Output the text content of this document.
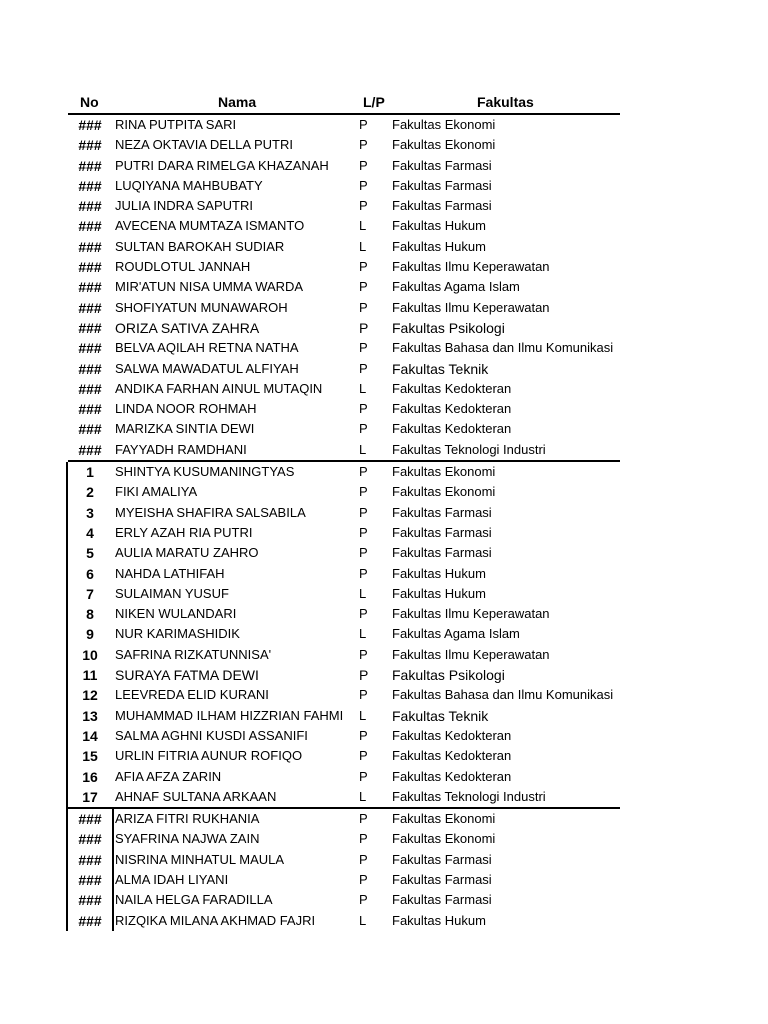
No	Nama	L/P	Fakultas
###	RINA PUTPITA SARI	P Fakultas Ekonomi
###	NEZA OKTAVIA DELLA PUTRI	P Fakultas Ekonomi
###	PUTRI DARA RIMELGA KHAZANAH P Fakultas Farmasi
###	LUQIYANA MAHBUBATY	P Fakultas Farmasi
###	JULIA INDRA SAPUTRI	P Fakultas Farmasi
###	AVECENA MUMTAZA ISMANTO	L Fakultas Hukum
###	SULTAN BAROKAH SUDIAR	L Fakultas Hukum
###	ROUDLOTUL JANNAH	P Fakultas Ilmu Keperawatan
###	MIR'ATUN NISA UMMA WARDA	P Fakultas Agama Islam
###	SHOFIYATUN MUNAWAROH	P Fakultas Ilmu Keperawatan
### ORIZA SATIVA ZAHRA	P Fakultas Psikologi
###	BELVA AQILAH RETNA NATHA	P Fakultas Bahasa dan Ilmu Komunikasi
###	SALWA MAWADATUL ALFIYAH	P Fakultas Teknik
###	ANDIKA FARHAN AINUL MUTAQIN	L Fakultas Kedokteran
###	LINDA NOOR ROHMAH	P Fakultas Kedokteran
###	MARIZKA SINTIA DEWI	P Fakultas Kedokteran
###	FAYYADH RAMDHANI	L Fakultas Teknologi Industri
1	SHINTYA KUSUMANINGTYAS	P Fakultas Ekonomi
2	FIKI AMALIYA	P Fakultas Ekonomi
3	MYEISHA SHAFIRA SALSABILA	P Fakultas Farmasi
4	ERLY AZAH RIA PUTRI	P Fakultas Farmasi
5	AULIA MARATU ZAHRO	P Fakultas Farmasi
6	NAHDA LATHIFAH	P Fakultas Hukum
7	SULAIMAN YUSUF	L Fakultas Hukum
8	NIKEN WULANDARI	P Fakultas Ilmu Keperawatan
9	NUR KARIMASHIDIK	L Fakultas Agama Islam
10	SAFRINA RIZKATUNNISA'	P Fakultas Ilmu Keperawatan
11	SURAYA FATMA DEWI	P Fakultas Psikologi
12	LEEVREDA ELID KURANI	P Fakultas Bahasa dan Ilmu Komunikasi
13	MUHAMMAD ILHAM HIZZRIAN FAHMI L Fakultas Teknik
14	SALMA AGHNI KUSDI ASSANIFI	P Fakultas Kedokteran
15	URLIN FITRIA AUNUR ROFIQO	P Fakultas Kedokteran
16	AFIA AFZA ZARIN	P Fakultas Kedokteran
17	AHNAF SULTANA ARKAAN	L Fakultas Teknologi Industri
###	ARIZA FITRI RUKHANIA	P Fakultas Ekonomi
###	SYAFRINA NAJWA ZAIN	P Fakultas Ekonomi
###	NISRINA MINHATUL MAULA	P Fakultas Farmasi
###	ALMA IDAH LIYANI	P Fakultas Farmasi
###	NAILA HELGA FARADILLA	P Fakultas Farmasi
###	RIZQIKA MILANA AKHMAD FAJRI	L Fakultas Hukum
